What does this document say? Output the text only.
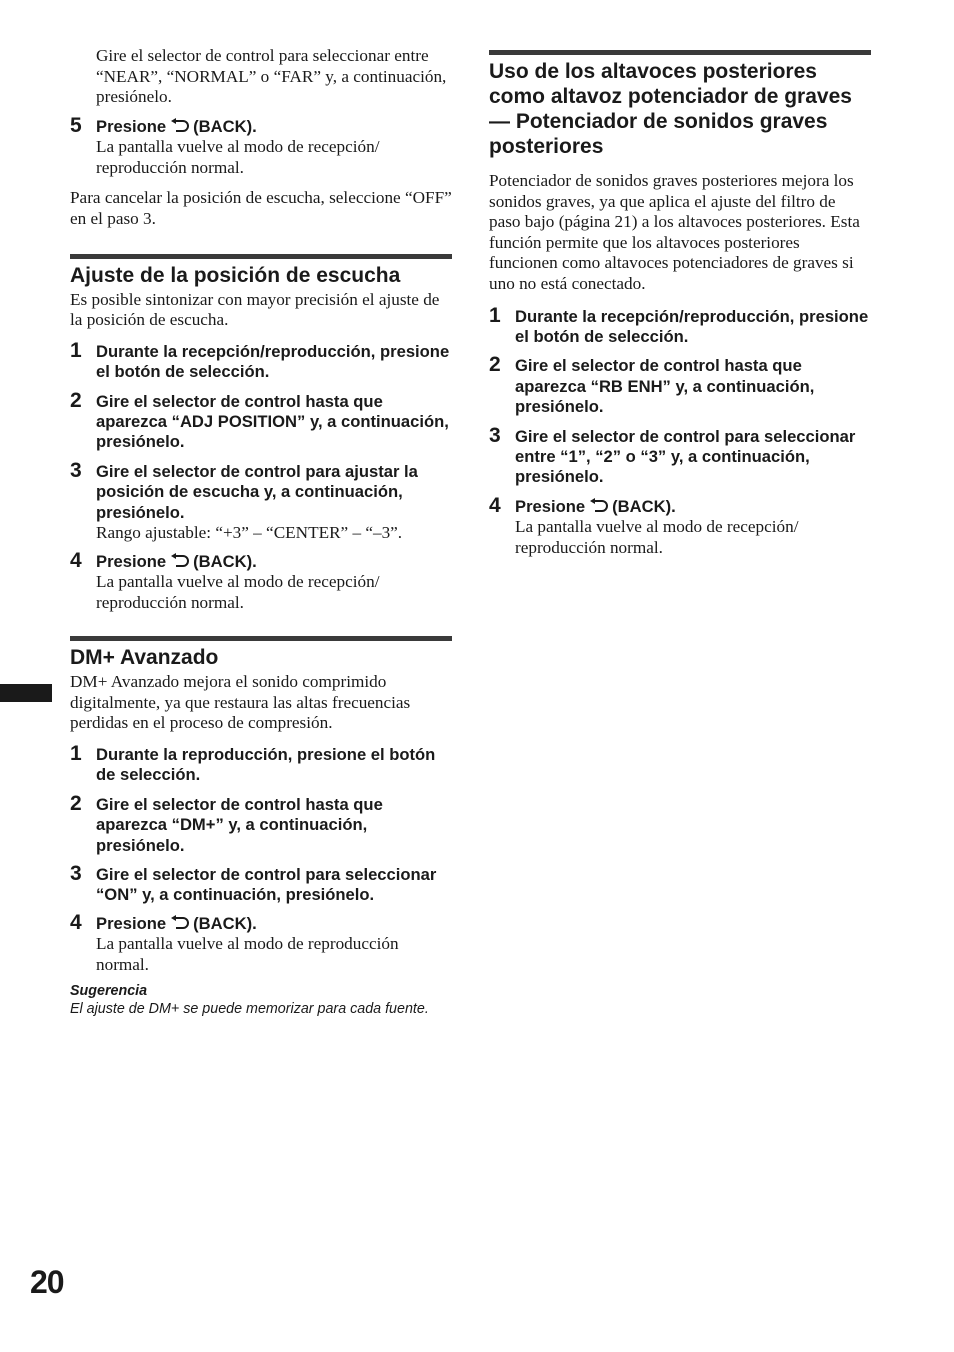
Gire el selector de control para seleccionar entre “NEAR”, “NORMAL” o “FAR” y, a continuación, presiónelo.
5 Presione (BACK).
La pantalla vuelve al modo de recepción/ reproducción normal.
Para cancelar la posición de escucha, seleccione “OFF” en el paso 3.
Ajuste de la posición de escucha
Es posible sintonizar con mayor precisión el ajuste de la posición de escucha.
1 Durante la recepción/reproducción, presione el botón de selección.
2 Gire el selector de control hasta que aparezca “ADJ POSITION” y, a continuación, presiónelo.
3 Gire el selector de control para ajustar la posición de escucha y, a continuación, presiónelo.
Rango ajustable: “+3” – “CENTER” – “–3”.
4 Presione (BACK).
La pantalla vuelve al modo de recepción/ reproducción normal.
DM+ Avanzado
DM+ Avanzado mejora el sonido comprimido digitalmente, ya que restaura las altas frecuencias perdidas en el proceso de compresión.
1 Durante la reproducción, presione el botón de selección.
2 Gire el selector de control hasta que aparezca “DM+” y, a continuación, presiónelo.
3 Gire el selector de control para seleccionar “ON” y, a continuación, presiónelo.
4 Presione (BACK).
La pantalla vuelve al modo de reproducción normal.
Sugerencia
El ajuste de DM+ se puede memorizar para cada fuente.
Uso de los altavoces posteriores como altavoz potenciador de graves — Potenciador de sonidos graves posteriores
Potenciador de sonidos graves posteriores mejora los sonidos graves, ya que aplica el ajuste del filtro de paso bajo (página 21) a los altavoces posteriores. Esta función permite que los altavoces posteriores funcionen como altavoces potenciadores de graves si uno no está conectado.
1 Durante la recepción/reproducción, presione el botón de selección.
2 Gire el selector de control hasta que aparezca “RB ENH” y, a continuación, presiónelo.
3 Gire el selector de control para seleccionar entre “1”, “2” o “3” y, a continuación, presiónelo.
4 Presione (BACK).
La pantalla vuelve al modo de recepción/ reproducción normal.
20
